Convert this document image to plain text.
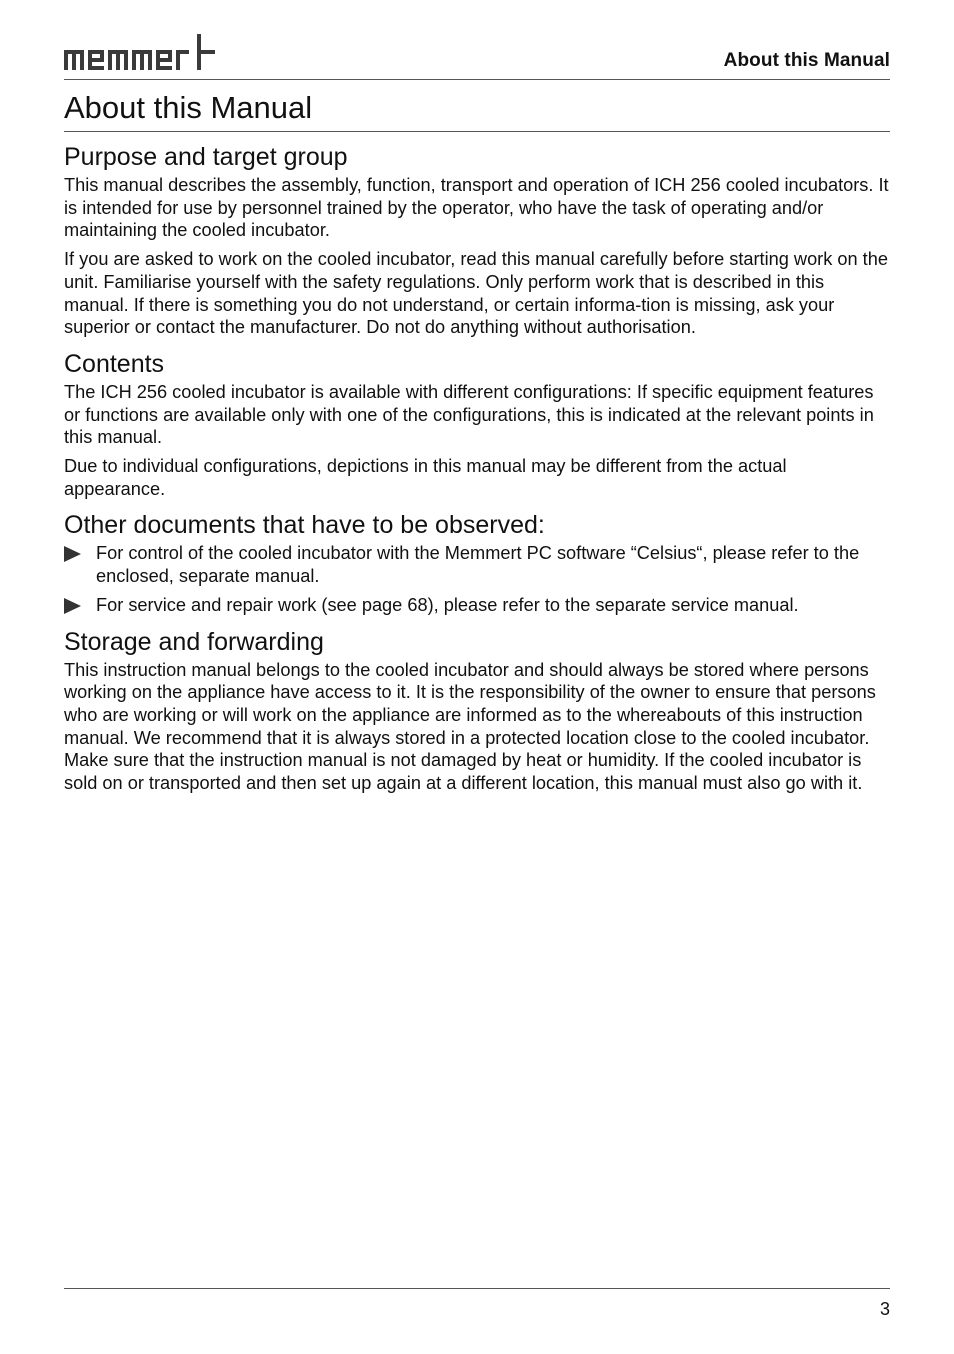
About this Manual
About this Manual
Purpose and target group

This manual describes the assembly, function, transport and operation of ICH 256 cooled incubators. It is intended for use by personnel trained by the operator, who have the task of operating and/or maintaining the cooled incubator.

If you are asked to work on the cooled incubator, read this manual carefully before starting work on the unit. Familiarise yourself with the safety regulations. Only perform work that is described in this manual. If there is something you do not understand, or certain informa-tion is missing, ask your superior or contact the manufacturer. Do not do anything without authorisation.

Contents

The ICH 256 cooled incubator is available with different configurations: If specific equipment features or functions are available only with one of the configurations, this is indicated at the relevant points in this manual.

Due to individual configurations, depictions in this manual may be different from the actual appearance.

Other documents that have to be observed:
For control of the cooled incubator with the Memmert PC software “Celsius“, please refer to the enclosed, separate manual.
For service and repair work (see page 68), please refer to the separate service manual.
Storage and forwarding

This instruction manual belongs to the cooled incubator and should always be stored where persons working on the appliance have access to it. It is the responsibility of the owner to ensure that persons who are working or will work on the appliance are informed as to the whereabouts of this instruction manual. We recommend that it is always stored in a protected location close to the cooled incubator. Make sure that the instruction manual is not damaged by heat or humidity. If the cooled incubator is sold on or transported and then set up again at a different location, this manual must also go with it.

3
